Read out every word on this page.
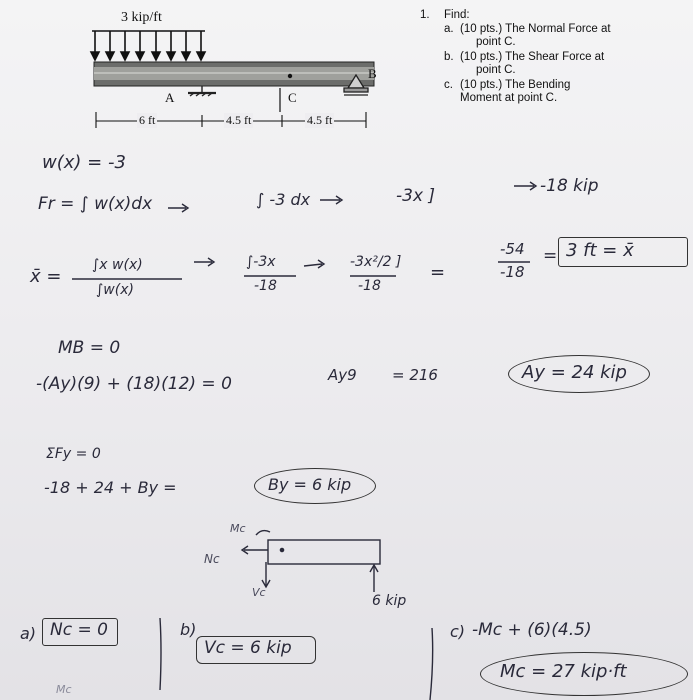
3 kip/ft
A	C
B
6 ft	4.5 ft	4.5 ft
1. Find:
a. (10 pts.) The Normal Force at
point C.
b. (10 pts.) The Shear Force at
point C.
c. (10 pts.) The Bending
Moment at point C.
w(x) = -3
Fr = ∫ w(x)dx	∫ -3 dx	-3x ]	-18 kip
x̄ =
∫x w(x)
∫w(x)
∫-3x
-18
-3x²/2 ]
-18
=
-54
-18
= 3 ft = x̄
MB = 0
-(Ay)(9) + (18)(12) = 0	Ay9 = 216	Ay = 24 kip
ΣFy = 0
-18 + 24 + By =	By = 6 kip
Mc
Nc
Vc
6 kip
a) Nc = 0	b)
Vc = 6 kip
c) -Mc + (6)(4.5)
Mc = 27 kip·ft
Mc
